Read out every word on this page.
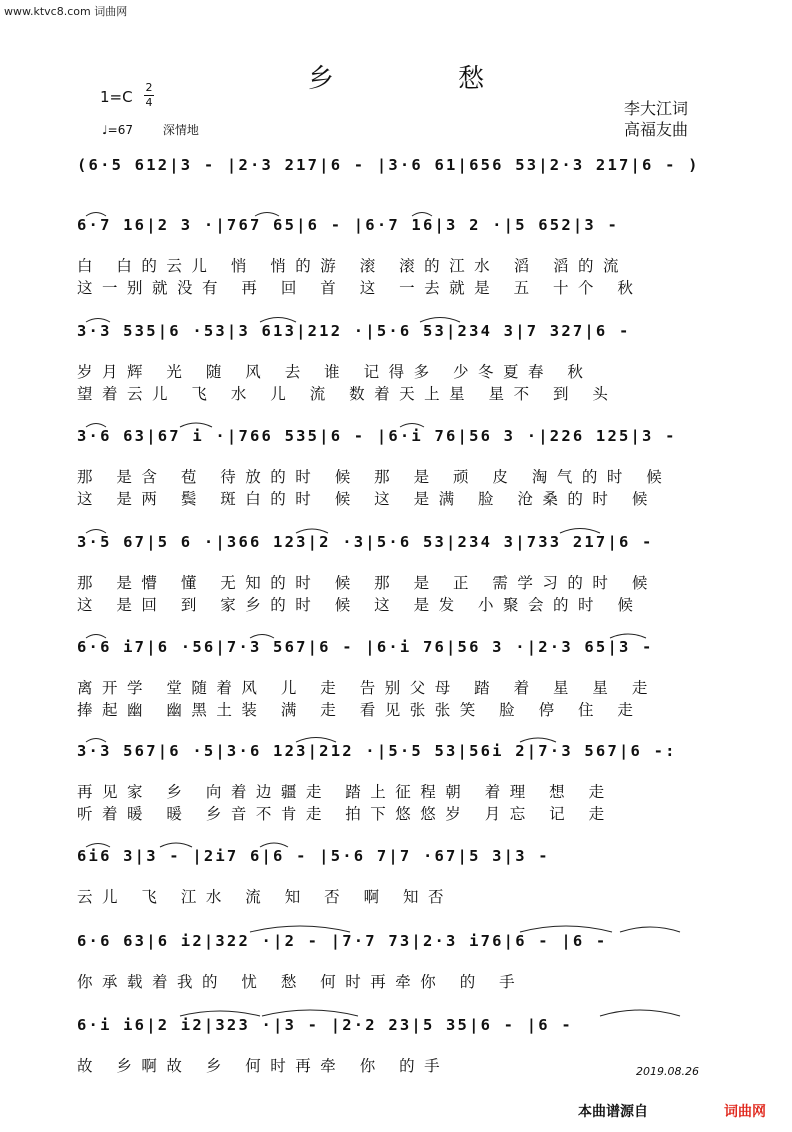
www.ktvc8.com 词曲网
乡 愁
1=C
2
4
♩=67 深情地
李大江词
高福友曲
(6·5 612|3 - |2·3 217|6 - |3·6 61|656 53|2·3 217|6 - )
6·7 16|2 3 ·|767 65|6 - |6·7 16|3 2 ·|5 652|3 -
白 白的云儿 悄 悄的游 滚 滚的江水 滔 滔的流
这一别就没有 再 回 首 这 一去就是 五 十个 秋
3·3 535|6 ·53|3 613|212 ·|5·6 53|234 3|7 327|6 -
岁月辉 光 随 风 去 谁 记得多 少冬夏春 秋
望着云儿 飞 水 儿 流 数着天上星 星不 到 头
3·6 63|67 i ·|766 535|6 - |6·i 76|56 3 ·|226 125|3 -
那 是含 苞 待放的时 候 那 是 顽 皮 淘气的时 候
这 是两 鬓 斑白的时 候 这 是满 脸 沧桑的时 候
3·5 67|5 6 ·|366 123|2 ·3|5·6 53|234 3|733 217|6 -
那 是懵 懂 无知的时 候 那 是 正 需学习的时 候
这 是回 到 家乡的时 候 这 是发 小聚会的时 候
6·6 i7|6 ·56|7·3 567|6 - |6·i 76|56 3 ·|2·3 65|3 -
离开学 堂随着风 儿 走 告别父母 踏 着 星 星 走
捧起幽 幽黑土装 满 走 看见张张笑 脸 停 住 走
3·3 567|6 ·5|3·6 123|212 ·|5·5 53|56i 2|7·3 567|6 -:
再见家 乡 向着边疆走 踏上征程朝 着理 想 走
听着暖 暖 乡音不肯走 拍下悠悠岁 月忘 记 走
6i6 3|3 - |2i7 6|6 - |5·6 7|7 ·67|5 3|3 -
云儿 飞 江水 流 知 否 啊 知否
6·6 63|6 i2|322 ·|2 - |7·7 73|2·3 i76|6 - |6 -
你承载着我的 忧 愁 何时再牵你 的 手
6·i i6|2 i2|323 ·|3 - |2·2 23|5 35|6 - |6 -
故 乡啊故 乡 何时再牵 你 的手	2019.08.26
本曲谱源自	词曲网
